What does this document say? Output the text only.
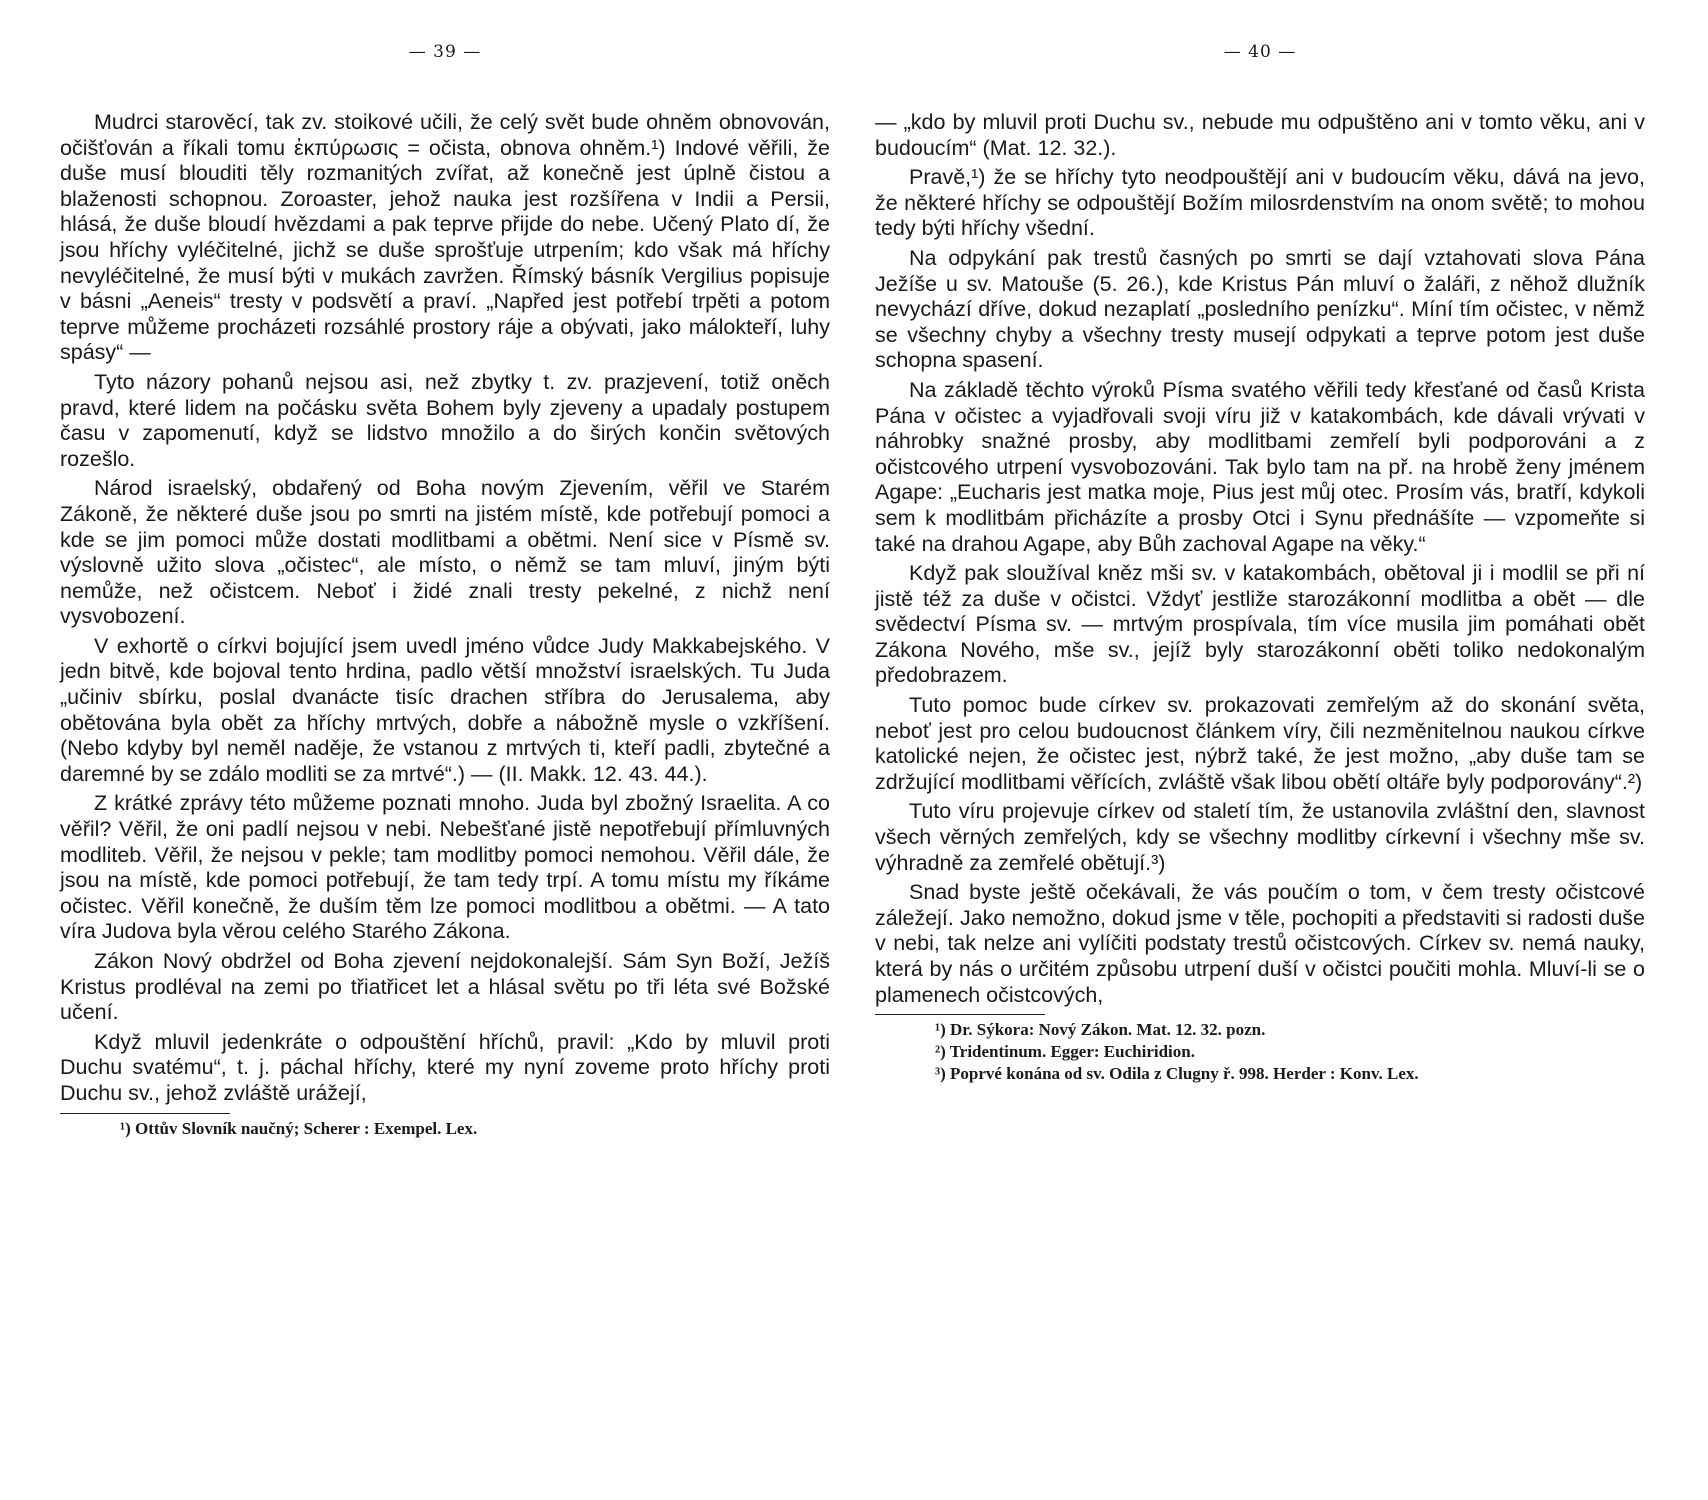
— 39 —

Mudrci starověcí, tak zv. stoikové učili, že celý svět bude ohněm obnovován, očišťován a říkali tomu ἐκπύρωσις = očista, obnova ohněm.¹) Indové věřili, že duše musí blouditi těly rozmanitých zvířat, až konečně jest úplně čistou a blaženosti schopnou. Zoroaster, jehož nauka jest rozšířena v Indii a Persii, hlásá, že duše bloudí hvězdami a pak teprve přijde do nebe. Učený Plato dí, že jsou hříchy vyléčitelné, jichž se duše sprošťuje utrpením; kdo však má hříchy nevyléčitelné, že musí býti v mukách zavržen. Římský básník Vergilius popisuje v básni „Aeneis“ tresty v podsvětí a praví. „Napřed jest potřebí trpěti a potom teprve můžeme procházeti rozsáhlé prostory ráje a obývati, jako málokteří, luhy spásy“ —

Tyto názory pohanů nejsou asi, než zbytky t. zv. prazjevení, totiž oněch pravd, které lidem na počásku světa Bohem byly zjeveny a upadaly postupem času v zapomenutí, když se lidstvo množilo a do širých končin světových rozešlo.

Národ israelský, obdařený od Boha novým Zjevením, věřil ve Starém Zákoně, že některé duše jsou po smrti na jistém místě, kde potřebují pomoci a kde se jim pomoci může dostati modlitbami a obětmi. Není sice v Písmě sv. výslovně užito slova „očistec“, ale místo, o němž se tam mluví, jiným býti nemůže, než očistcem. Neboť i židé znali tresty pekelné, z nichž není vysvobození.

V exhortě o církvi bojující jsem uvedl jméno vůdce Judy Makkabejského. V jedn bitvě, kde bojoval tento hrdina, padlo větší množství israelských. Tu Juda „učiniv sbírku, poslal dvanácte tisíc drachen stříbra do Jerusalema, aby obětována byla obět za hříchy mrtvých, dobře a nábožně mysle o vzkříšení. (Nebo kdyby byl neměl naděje, že vstanou z mrtvých ti, kteří padli, zbytečné a daremné by se zdálo modliti se za mrtvé“.) — (II. Makk. 12. 43. 44.).

Z krátké zprávy této můžeme poznati mnoho. Juda byl zbožný Israelita. A co věřil? Věřil, že oni padlí nejsou v nebi. Nebešťané jistě nepotřebují přímluvných modliteb. Věřil, že nejsou v pekle; tam modlitby pomoci nemohou. Věřil dále, že jsou na místě, kde pomoci potřebují, že tam tedy trpí. A tomu místu my říkáme očistec. Věřil konečně, že duším těm lze pomoci modlitbou a obětmi. — A tato víra Judova byla věrou celého Starého Zákona.

Zákon Nový obdržel od Boha zjevení nejdokonalejší. Sám Syn Boží, Ježíš Kristus prodléval na zemi po třiatřicet let a hlásal světu po tři léta své Božské učení.

Když mluvil jedenkráte o odpouštění hříchů, pravil: „Kdo by mluvil proti Duchu svatému“, t. j. páchal hříchy, které my nyní zoveme proto hříchy proti Duchu sv., jehož zvláště urážejí,

¹) Ottův Slovník naučný; Scherer : Exempel. Lex.
— 40 —

— „kdo by mluvil proti Duchu sv., nebude mu odpuštěno ani v tomto věku, ani v budoucím“ (Mat. 12. 32.).

Pravě,¹) že se hříchy tyto neodpouštějí ani v budoucím věku, dává na jevo, že některé hříchy se odpouštějí Božím milosrdenstvím na onom světě; to mohou tedy býti hříchy všední.

Na odpykání pak trestů časných po smrti se dají vztahovati slova Pána Ježíše u sv. Matouše (5. 26.), kde Kristus Pán mluví o žaláři, z něhož dlužník nevychází dříve, dokud nezaplatí „posledního penízku“. Míní tím očistec, v němž se všechny chyby a všechny tresty musejí odpykati a teprve potom jest duše schopna spasení.

Na základě těchto výroků Písma svatého věřili tedy křesťané od časů Krista Pána v očistec a vyjadřovali svoji víru již v katakombách, kde dávali vrývati v náhrobky snažné prosby, aby modlitbami zemřelí byli podporováni a z očistcového utrpení vysvobozováni. Tak bylo tam na př. na hrobě ženy jménem Agape: „Eucharis jest matka moje, Pius jest můj otec. Prosím vás, bratří, kdykoli sem k modlitbám přicházíte a prosby Otci i Synu přednášíte — vzpomeňte si také na drahou Agape, aby Bůh zachoval Agape na věky.“

Když pak sloužíval kněz mši sv. v katakombách, obětoval ji i modlil se při ní jistě též za duše v očistci. Vždyť jestliže starozákonní modlitba a obět — dle svědectví Písma sv. — mrtvým prospívala, tím více musila jim pomáhati obět Zákona Nového, mše sv., jejíž byly starozákonní oběti toliko nedokonalým předobrazem.

Tuto pomoc bude církev sv. prokazovati zemřelým až do skonání světa, neboť jest pro celou budoucnost článkem víry, čili nezměnitelnou naukou církve katolické nejen, že očistec jest, nýbrž také, že jest možno, „aby duše tam se zdržující modlitbami věřících, zvláště však libou obětí oltáře byly podporovány“.²)

Tuto víru projevuje církev od staletí tím, že ustanovila zvláštní den, slavnost všech věrných zemřelých, kdy se všechny modlitby církevní i všechny mše sv. výhradně za zemřelé obětují.³)

Snad byste ještě očekávali, že vás poučím o tom, v čem tresty očistcové záležejí. Jako nemožno, dokud jsme v těle, pochopiti a představiti si radosti duše v nebi, tak nelze ani vylíčiti podstaty trestů očistcových. Církev sv. nemá nauky, která by nás o určitém způsobu utrpení duší v očistci poučiti mohla. Mluví-li se o plamenech očistcových,

¹) Dr. Sýkora: Nový Zákon. Mat. 12. 32. pozn.
²) Tridentinum. Egger: Euchiridion.
³) Poprvé konána od sv. Odila z Clugny ř. 998. Herder : Konv. Lex.
